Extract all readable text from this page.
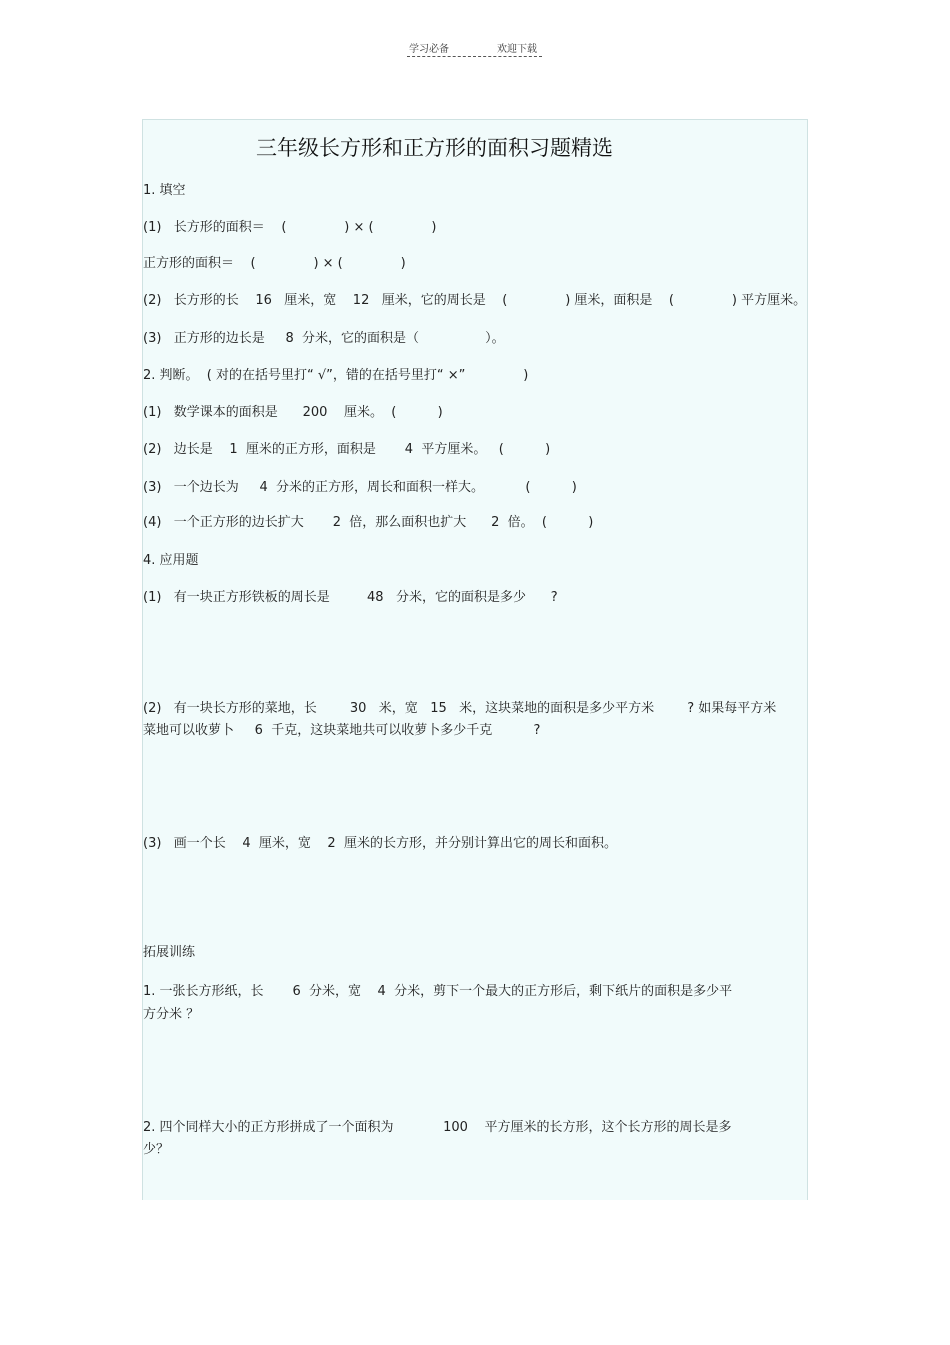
学习必备	欢迎下载
三年级长方形和正方形的面积习题精选
1. 填空
(1)   长方形的面积＝    (              ) × (              )
正方形的面积＝    (              ) × (              )
(2)   长方形的长    16   厘米，宽    12   厘米，它的周长是    (              ) 厘米，面积是    (              ) 平方厘米。
(3)   正方形的边长是     8  分米，它的面积是（                ）。
2. 判断。  ( 对的在括号里打“ √”，错的在括号里打“ ×”              )
(1)   数学课本的面积是      200    厘米。  (          )
(2)   边长是    1  厘米的正方形，面积是       4  平方厘米。   (          )
(3)   一个边长为     4  分米的正方形，周长和面积一样大。          (          )
(4)   一个正方形的边长扩大       2  倍，那么面积也扩大      2  倍。  (          )
4. 应用题
(1)   有一块正方形铁板的周长是         48   分米，它的面积是多少      ?
(2)   有一块长方形的菜地，长        30   米，宽   15   米，这块菜地的面积是多少平方米        ? 如果每平方米
菜地可以收萝卜     6  千克，这块菜地共可以收萝卜多少千克          ?
(3)   画一个长    4  厘米，宽    2  厘米的长方形，并分别计算出它的周长和面积。
拓展训练
1. 一张长方形纸，长       6  分米，宽    4  分米，剪下一个最大的正方形后，剩下纸片的面积是多少平
方分米 ？
2. 四个同样大小的正方形拼成了一个面积为            100    平方厘米的长方形，这个长方形的周长是多
少？
